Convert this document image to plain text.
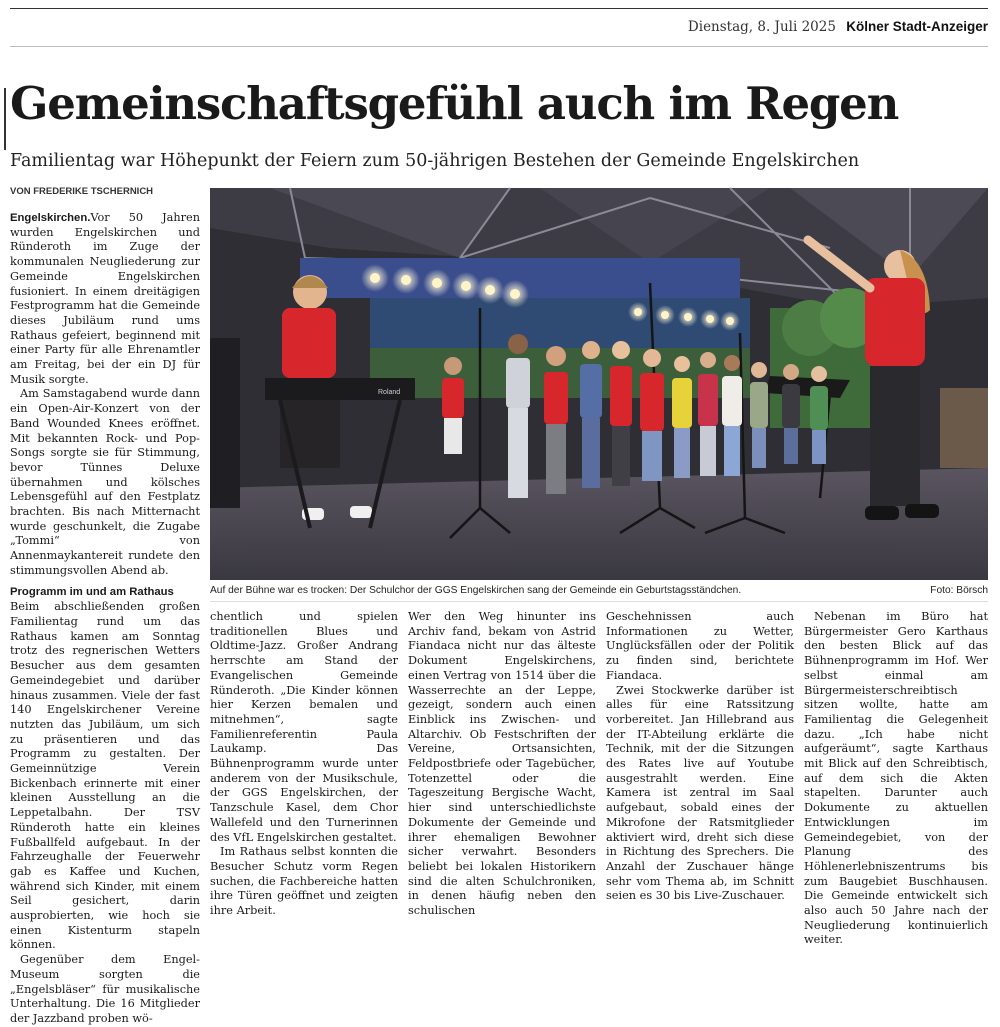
Dienstag, 8. Juli 2025 Kölner Stadt-Anzeiger
Gemeinschaftsgefühl auch im Regen

Familientag war Höhepunkt der Feiern zum 50-jährigen Bestehen der Gemeinde Engelskirchen

VON FREDERIKE TSCHERNICH

Engelskirchen.Vor 50 Jahren wurden Engelskirchen und Ründeroth im Zuge der kommunalen Neugliederung zur Gemeinde Engelskirchen fusioniert. In einem dreitägigen Festprogramm hat die Gemeinde dieses Jubiläum rund ums Rathaus gefeiert, beginnend mit einer Party für alle Ehrenamtler am Freitag, bei der ein DJ für Musik sorgte.

Am Samstagabend wurde dann ein Open-Air-Konzert von der Band Wounded Knees eröffnet. Mit bekannten Rock- und Pop-Songs sorgte sie für Stimmung, bevor Tünnes Deluxe übernahmen und kölsches Lebensgefühl auf den Festplatz brachten. Bis nach Mitternacht wurde geschunkelt, die Zugabe „Tommi“ von Annenmaykantereit rundete den stimmungsvollen Abend ab.

Programm im und am Rathaus

Beim abschließenden großen Familientag rund um das Rathaus kamen am Sonntag trotz des regnerischen Wetters Besucher aus dem gesamten Gemeindegebiet und darüber hinaus zusammen. Viele der fast 140 Engelskirchener Vereine nutzten das Jubiläum, um sich zu präsentieren und das Programm zu gestalten. Der Gemeinnützige Verein Bickenbach erinnerte mit einer kleinen Ausstellung an die Leppetalbahn. Der TSV Ründeroth hatte ein kleines Fußballfeld aufgebaut. In der Fahrzeughalle der Feuerwehr gab es Kaffee und Kuchen, während sich Kinder, mit einem Seil gesichert, darin ausprobierten, wie hoch sie einen Kistenturm stapeln können.

Gegenüber dem Engel-Museum sorgten die „Engelsbläser“ für musikalische Unterhaltung. Die 16 Mitglieder der Jazzband proben wö-

Roland
Auf der Bühne war es trocken: Der Schulchor der GGS Engelskirchen sang der Gemeinde ein Geburtstagsständchen.	Foto: Börsch

chentlich und spielen traditionellen Blues und Oldtime-Jazz. Großer Andrang herrschte am Stand der Evangelischen Gemeinde Ründeroth. „Die Kinder können hier Kerzen bemalen und mitnehmen“, sagte Familienreferentin Paula Laukamp. Das Bühnenprogramm wurde unter anderem von der Musikschule, der GGS Engelskirchen, der Tanzschule Kasel, dem Chor Wallefeld und den Turnerinnen des VfL Engelskirchen gestaltet.

Im Rathaus selbst konnten die Besucher Schutz vorm Regen suchen, die Fachbereiche hatten ihre Türen geöffnet und zeigten ihre Arbeit.

Wer den Weg hinunter ins Archiv fand, bekam von Astrid Fiandaca nicht nur das älteste Dokument Engelskirchens, einen Vertrag von 1514 über die Wasserrechte an der Leppe, gezeigt, sondern auch einen Einblick ins Zwischen- und Altarchiv. Ob Festschriften der Vereine, Ortsansichten, Feldpostbriefe oder Tagebücher, Totenzettel oder die Tageszeitung Bergische Wacht, hier sind unterschiedlichste Dokumente der Gemeinde und ihrer ehemaligen Bewohner sicher verwahrt. Besonders beliebt bei lokalen Historikern sind die alten Schulchroniken, in denen häufig neben den schulischen

Geschehnissen auch Informationen zu Wetter, Unglücksfällen oder der Politik zu finden sind, berichtete Fiandaca.

Zwei Stockwerke darüber ist alles für eine Ratssitzung vorbereitet. Jan Hillebrand aus der IT-Abteilung erklärte die Technik, mit der die Sitzungen des Rates live auf Youtube ausgestrahlt werden. Eine Kamera ist zentral im Saal aufgebaut, sobald eines der Mikrofone der Ratsmitglieder aktiviert wird, dreht sich diese in Richtung des Sprechers. Die Anzahl der Zuschauer hänge sehr vom Thema ab, im Schnitt seien es 30 bis Live-Zuschauer.

Nebenan im Büro hat Bürgermeister Gero Karthaus den besten Blick auf das Bühnenprogramm im Hof. Wer selbst einmal am Bürgermeisterschreibtisch sitzen wollte, hatte am Familientag die Gelegenheit dazu. „Ich habe nicht aufgeräumt“, sagte Karthaus mit Blick auf den Schreibtisch, auf dem sich die Akten stapelten. Darunter auch Dokumente zu aktuellen Entwicklungen im Gemeindegebiet, von der Planung des Höhlenerlebniszentrums bis zum Baugebiet Buschhausen. Die Gemeinde entwickelt sich also auch 50 Jahre nach der Neugliederung kontinuierlich weiter.
